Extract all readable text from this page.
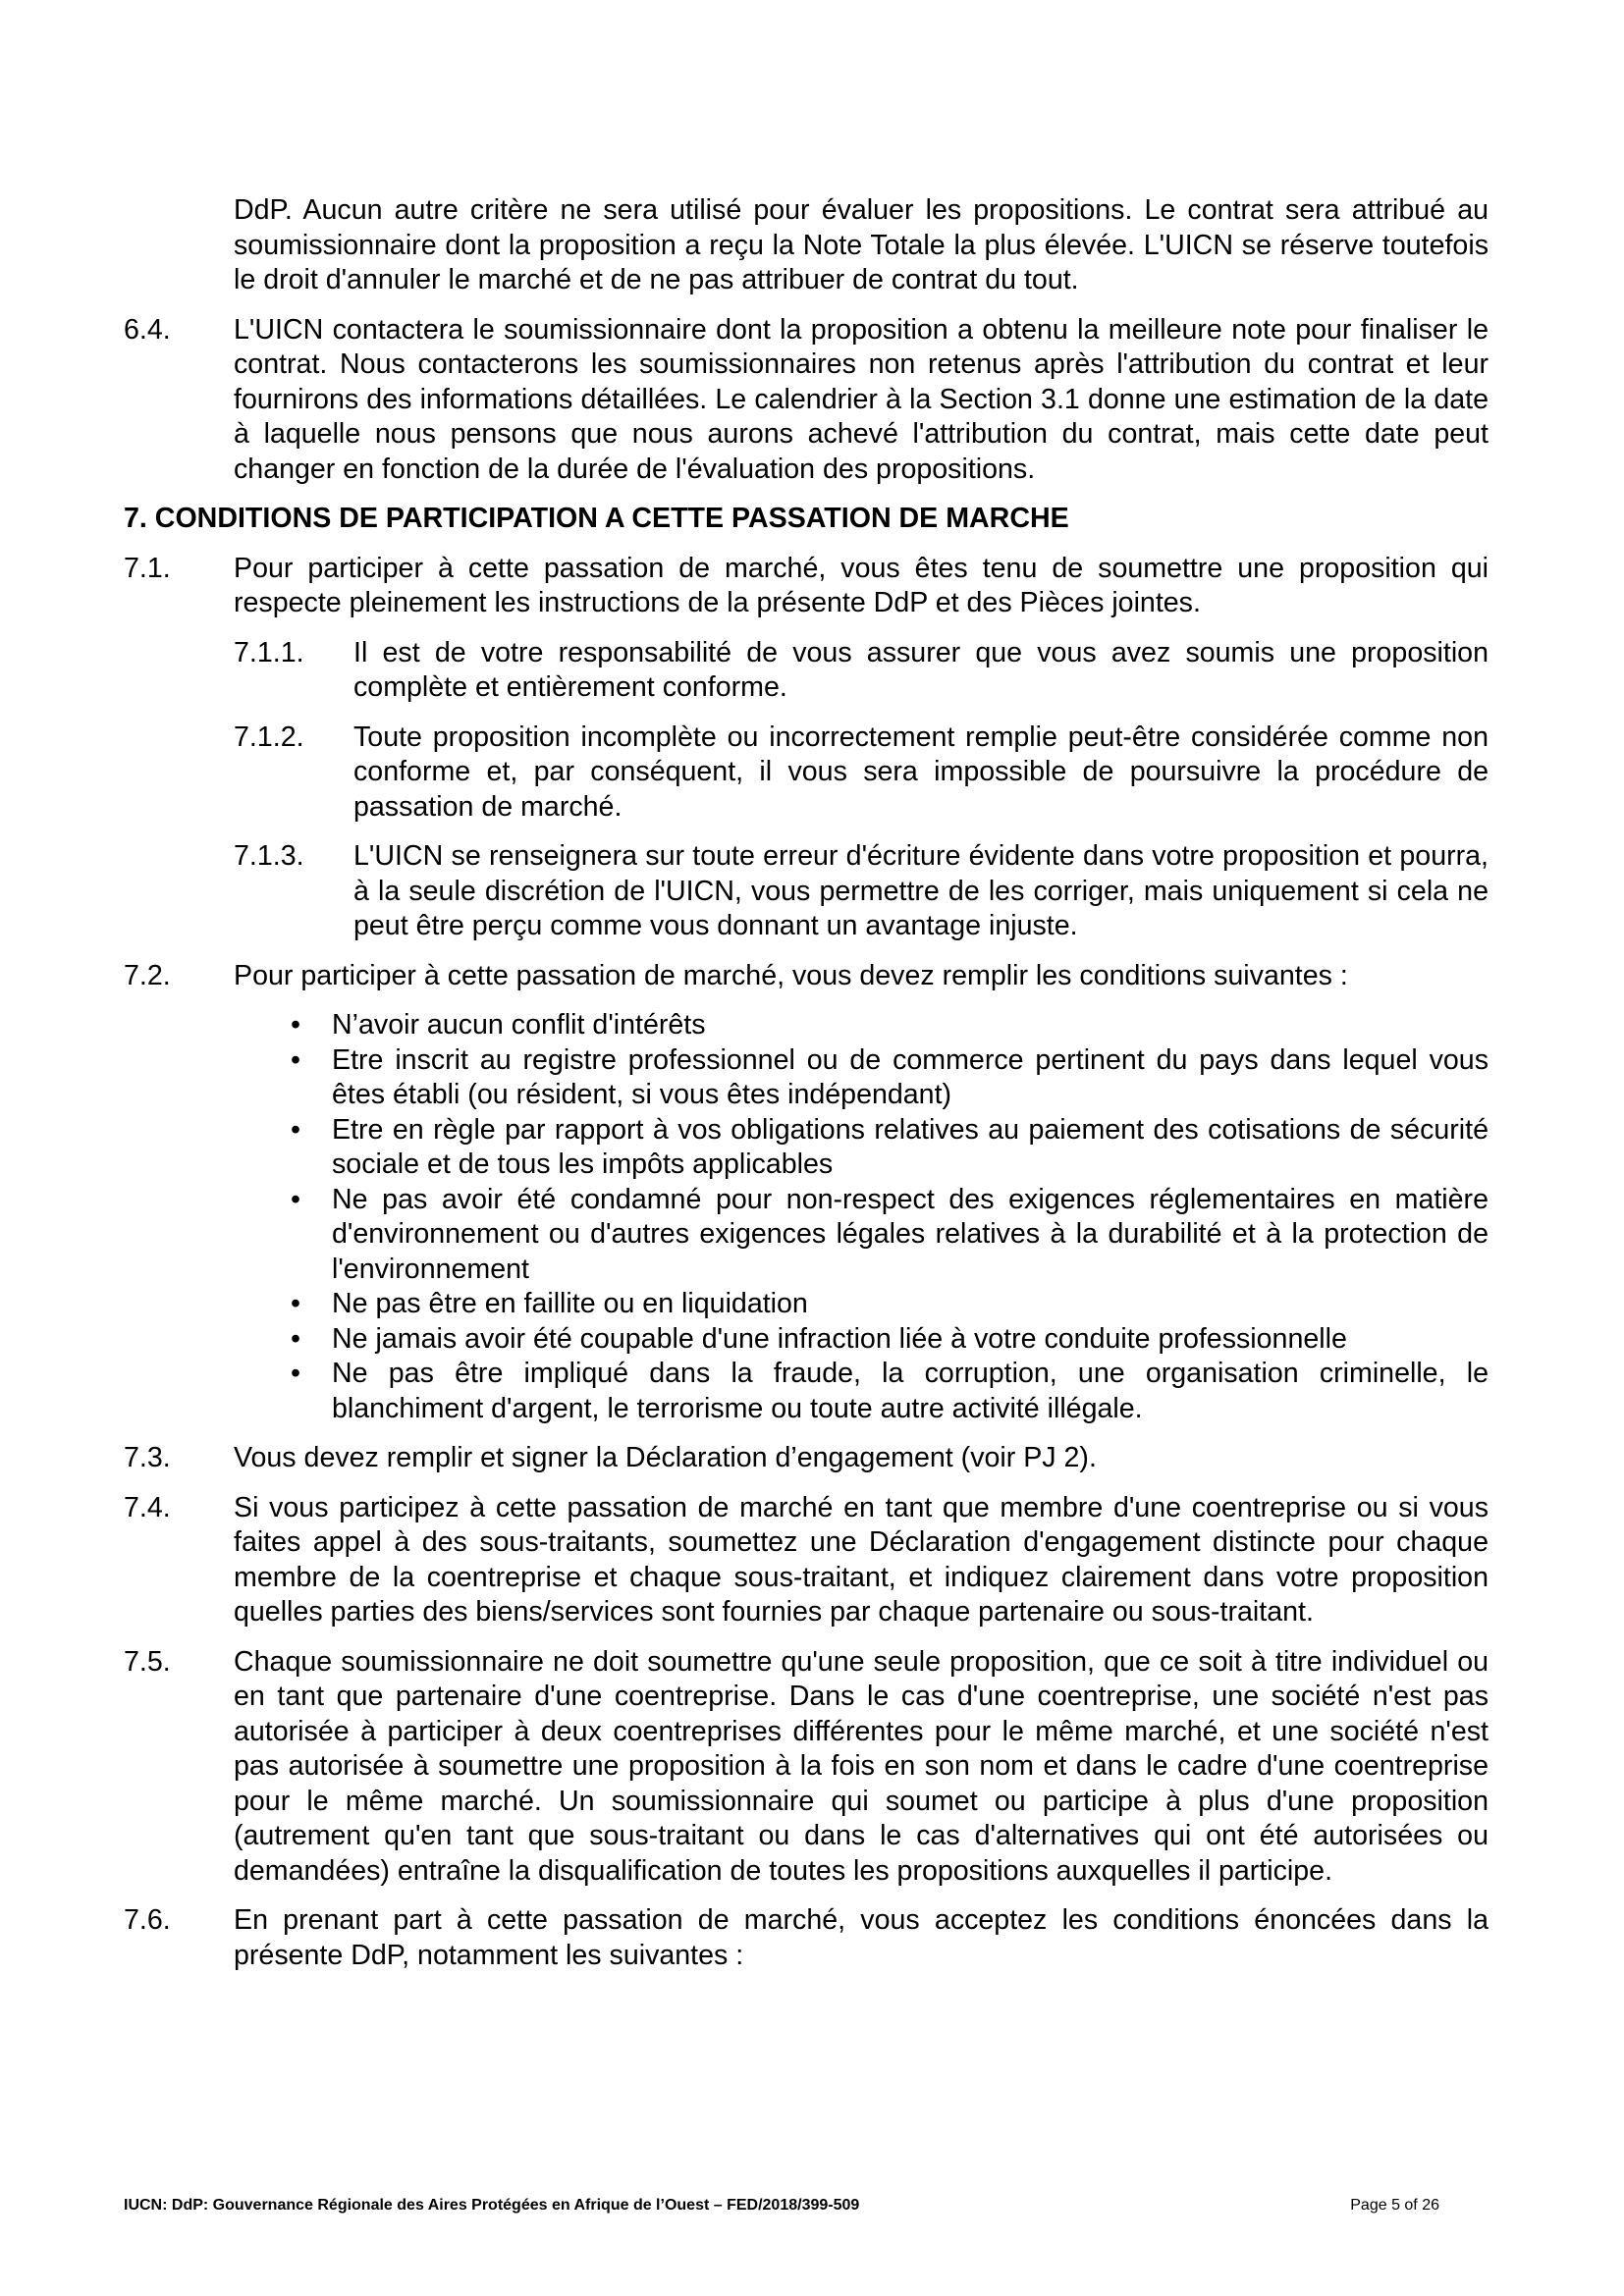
DdP. Aucun autre critère ne sera utilisé pour évaluer les propositions. Le contrat sera attribué au soumissionnaire dont la proposition a reçu la Note Totale la plus élevée. L'UICN se réserve toutefois le droit d'annuler le marché et de ne pas attribuer de contrat du tout.
6.4. L'UICN contactera le soumissionnaire dont la proposition a obtenu la meilleure note pour finaliser le contrat. Nous contacterons les soumissionnaires non retenus après l'attribution du contrat et leur fournirons des informations détaillées. Le calendrier à la Section 3.1 donne une estimation de la date à laquelle nous pensons que nous aurons achevé l'attribution du contrat, mais cette date peut changer en fonction de la durée de l'évaluation des propositions.
7. CONDITIONS DE PARTICIPATION A CETTE PASSATION DE MARCHE
7.1. Pour participer à cette passation de marché, vous êtes tenu de soumettre une proposition qui respecte pleinement les instructions de la présente DdP et des Pièces jointes.
7.1.1. Il est de votre responsabilité de vous assurer que vous avez soumis une proposition complète et entièrement conforme.
7.1.2. Toute proposition incomplète ou incorrectement remplie peut-être considérée comme non conforme et, par conséquent, il vous sera impossible de poursuivre la procédure de passation de marché.
7.1.3. L'UICN se renseignera sur toute erreur d'écriture évidente dans votre proposition et pourra, à la seule discrétion de l'UICN, vous permettre de les corriger, mais uniquement si cela ne peut être perçu comme vous donnant un avantage injuste.
7.2. Pour participer à cette passation de marché, vous devez remplir les conditions suivantes :
• N’avoir aucun conflit d'intérêts
• Etre inscrit au registre professionnel ou de commerce pertinent du pays dans lequel vous êtes établi (ou résident, si vous êtes indépendant)
• Etre en règle par rapport à vos obligations relatives au paiement des cotisations de sécurité sociale et de tous les impôts applicables
• Ne pas avoir été condamné pour non-respect des exigences réglementaires en matière d'environnement ou d'autres exigences légales relatives à la durabilité et à la protection de l'environnement
• Ne pas être en faillite ou en liquidation
• Ne jamais avoir été coupable d'une infraction liée à votre conduite professionnelle
• Ne pas être impliqué dans la fraude, la corruption, une organisation criminelle, le blanchiment d'argent, le terrorisme ou toute autre activité illégale.
7.3. Vous devez remplir et signer la Déclaration d’engagement (voir PJ 2).
7.4. Si vous participez à cette passation de marché en tant que membre d'une coentreprise ou si vous faites appel à des sous-traitants, soumettez une Déclaration d'engagement distincte pour chaque membre de la coentreprise et chaque sous-traitant, et indiquez clairement dans votre proposition quelles parties des biens/services sont fournies par chaque partenaire ou sous-traitant.
7.5. Chaque soumissionnaire ne doit soumettre qu'une seule proposition, que ce soit à titre individuel ou en tant que partenaire d'une coentreprise. Dans le cas d'une coentreprise, une société n'est pas autorisée à participer à deux coentreprises différentes pour le même marché, et une société n'est pas autorisée à soumettre une proposition à la fois en son nom et dans le cadre d'une coentreprise pour le même marché. Un soumissionnaire qui soumet ou participe à plus d'une proposition (autrement qu'en tant que sous-traitant ou dans le cas d'alternatives qui ont été autorisées ou demandées) entraîne la disqualification de toutes les propositions auxquelles il participe.
7.6. En prenant part à cette passation de marché, vous acceptez les conditions énoncées dans la présente DdP, notamment les suivantes :
IUCN: DdP: Gouvernance Régionale des Aires Protégées en Afrique de l’Ouest – FED/2018/399-509	Page 5 of 26
